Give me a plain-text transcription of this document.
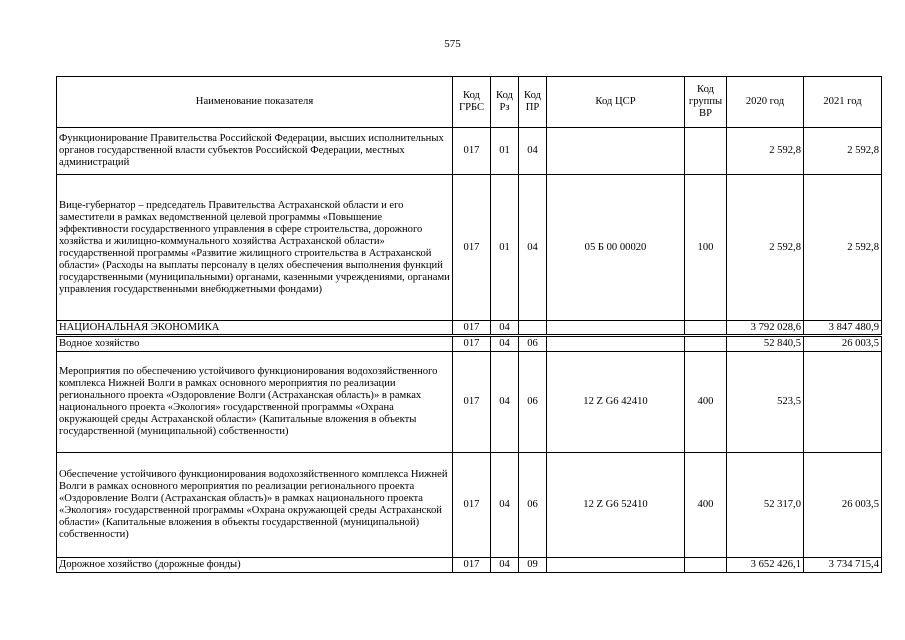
575
Наименование показателя	Код ГРБС	Код Рз	Код ПР	Код ЦСР	Код группы ВР	2020 год	2021 год
Функционирование Правительства Российской Федерации, высших исполнительных органов государственной власти субъектов Российской Федерации, местных администраций	017	01	04			2 592,8	2 592,8
Вице-губернатор – председатель Правительства Астраханской области и его заместители в рамках ведомственной целевой программы «Повышение эффективности государственного управления в сфере строительства, дорожного хозяйства и жилищно-коммунального хозяйства Астраханской области» государственной программы «Развитие жилищного строительства в Астраханской области» (Расходы на выплаты персоналу в целях обеспечения выполнения функций государственными (муниципальными) органами, казенными учреждениями, органами управления государственными внебюджетными фондами)	017	01	04	05 Б 00 00020	100	2 592,8	2 592,8
НАЦИОНАЛЬНАЯ ЭКОНОМИКА	017	04				3 792 028,6	3 847 480,9
Водное хозяйство	017	04	06			52 840,5	26 003,5
Мероприятия по обеспечению устойчивого функционирования водохозяйственного комплекса Нижней Волги в рамках основного мероприятия по реализации регионального проекта «Оздоровление Волги (Астраханская область)» в рамках национального проекта «Экология» государственной программы «Охрана окружающей среды Астраханской области» (Капитальные вложения в объекты государственной (муниципальной) собственности)	017	04	06	12 Z G6 42410	400	523,5	
Обеспечение устойчивого функционирования водохозяйственного комплекса Нижней Волги в рамках основного мероприятия по реализации регионального проекта «Оздоровление Волги (Астраханская область)» в рамках национального проекта «Экология» государственной программы «Охрана окружающей среды Астраханской области» (Капитальные вложения в объекты государственной (муниципальной) собственности)	017	04	06	12 Z G6 52410	400	52 317,0	26 003,5
Дорожное хозяйство (дорожные фонды)	017	04	09			3 652 426,1	3 734 715,4
